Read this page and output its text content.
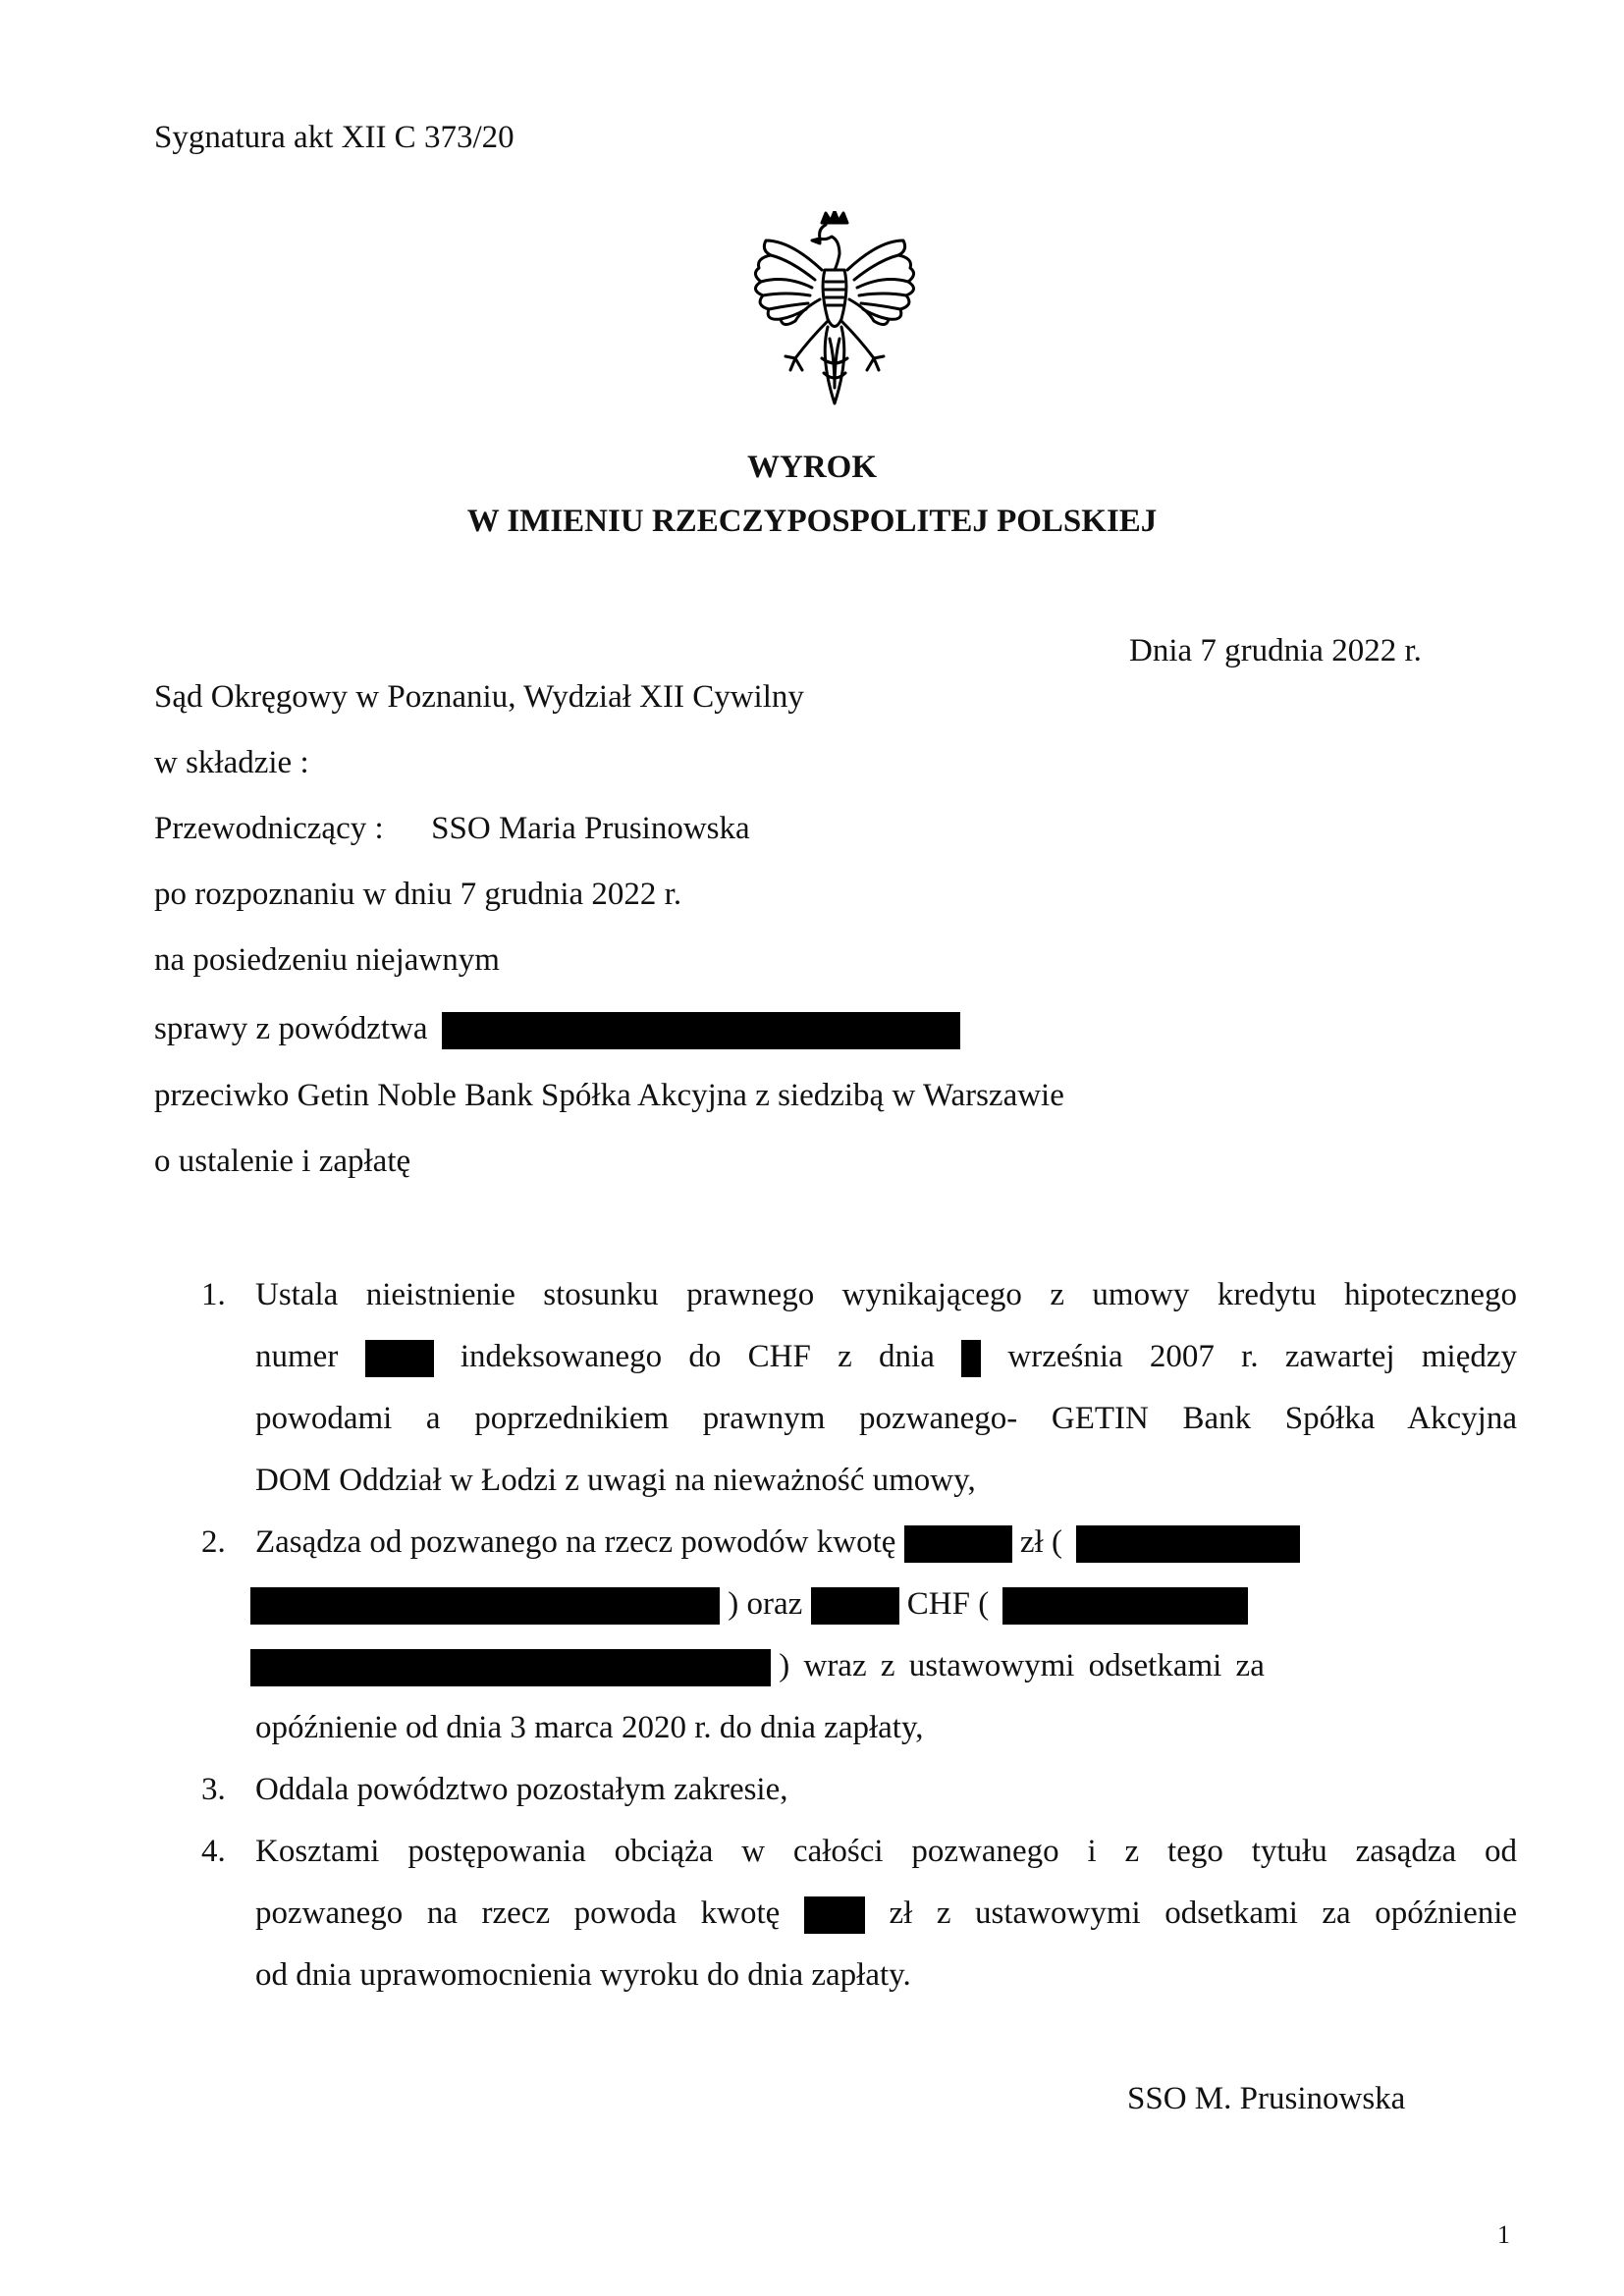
Sygnatura akt XII C 373/20
WYROK
W IMIENIU RZECZYPOSPOLITEJ POLSKIEJ
Dnia 7 grudnia 2022 r.
Sąd Okręgowy w Poznaniu, Wydział XII Cywilny
w składzie :
Przewodniczący : SSO Maria Prusinowska
po rozpoznaniu w dniu 7 grudnia 2022 r.
na posiedzeniu niejawnym
sprawy z powództwa
przeciwko Getin Noble Bank Spółka Akcyjna z siedzibą w Warszawie
o ustalenie i zapłatę
1. Ustala nieistnienie stosunku prawnego wynikającego z umowy kredytu hipotecznego
numer	indeksowanego do CHF z dnia września 2007 r. zawartej między
powodami a poprzednikiem prawnym pozwanego- GETIN Bank Spółka Akcyjna
DOM Oddział w Łodzi z uwagi na nieważność umowy,
2. Zasądza od pozwanego na rzecz powodów kwotę	zł (
) oraz	CHF (
) wraz z ustawowymi odsetkami za
opóźnienie od dnia 3 marca 2020 r. do dnia zapłaty,
3. Oddala powództwo pozostałym zakresie,
4. Kosztami postępowania obciąża w całości pozwanego i z tego tytułu zasądza od
pozwanego na rzecz powoda kwotę	zł z ustawowymi odsetkami za opóźnienie
od dnia uprawomocnienia wyroku do dnia zapłaty.
SSO M. Prusinowska
1
